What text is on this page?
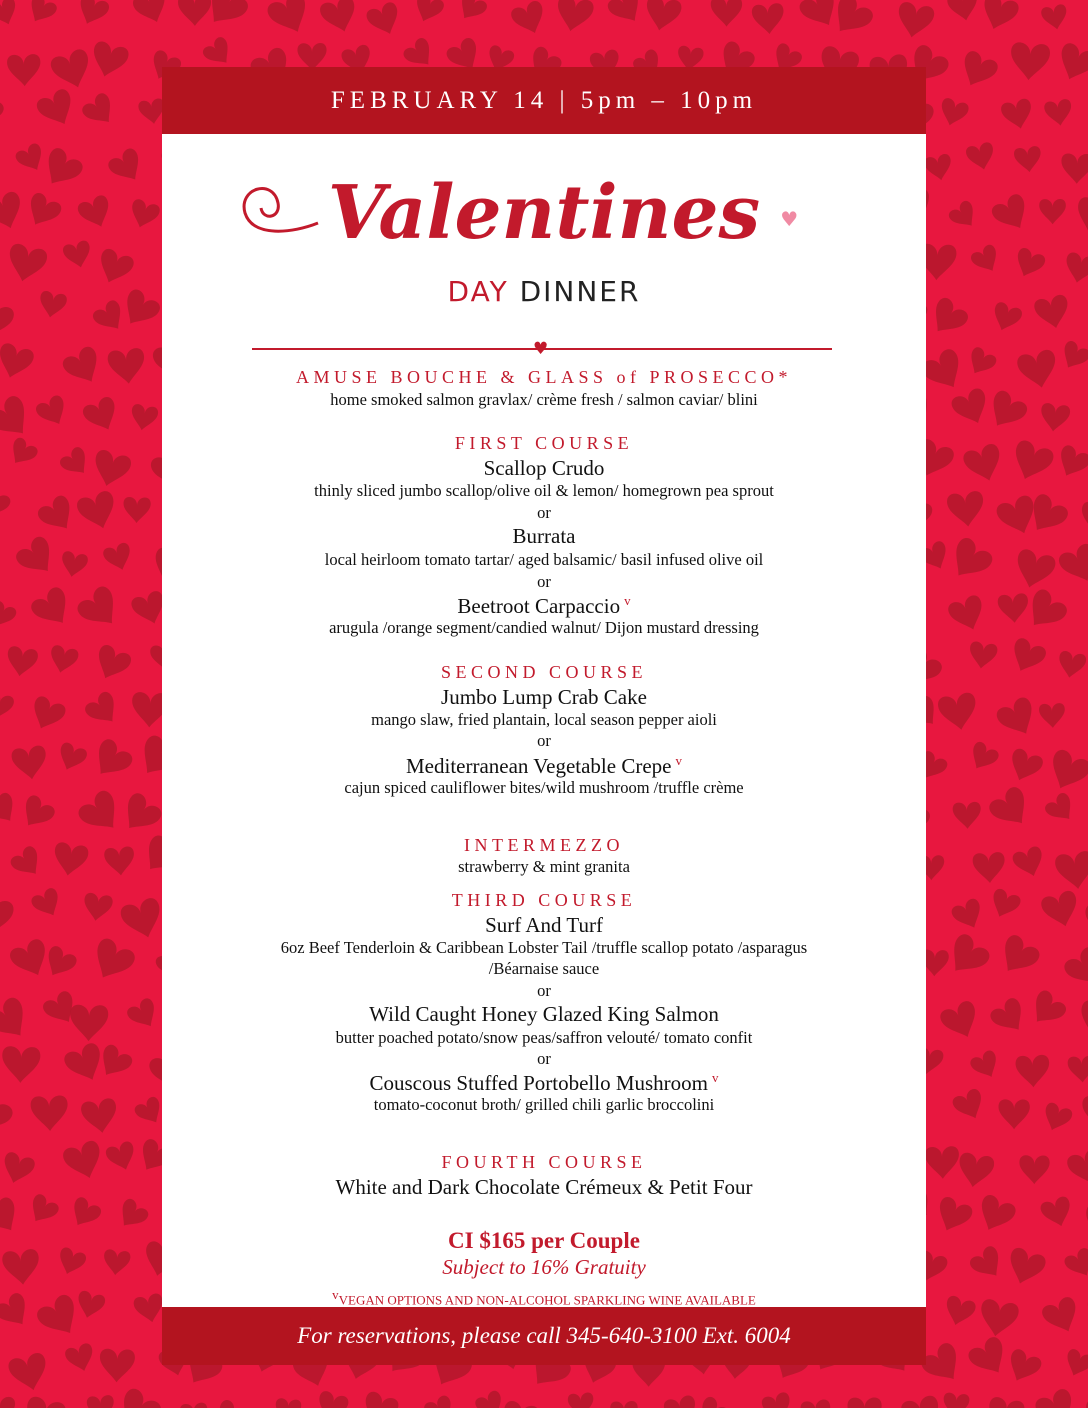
FEBRUARY 14 | 5pm – 10pm
Valentines ♥
DAY DINNER
♥
AMUSE BOUCHE & GLASS of PROSECCO*
home smoked salmon gravlax/ crème fresh / salmon caviar/ blini
FIRST COURSE
Scallop Crudo
thinly sliced jumbo scallop/olive oil & lemon/ homegrown pea sprout
or
Burrata
local heirloom tomato tartar/ aged balsamic/ basil infused olive oil
or
Beetroot Carpaccio $^v$
arugula /orange segment/candied walnut/ Dijon mustard dressing
SECOND COURSE
Jumbo Lump Crab Cake
mango slaw, fried plantain, local season pepper aioli
or
Mediterranean Vegetable Crepe $^v$
cajun spiced cauliflower bites/wild mushroom /truffle crème
INTERMEZZO
strawberry & mint granita
THIRD COURSE
Surf And Turf
6oz Beef Tenderloin & Caribbean Lobster Tail /truffle scallop potato /asparagus
/Béarnaise sauce
or
Wild Caught Honey Glazed King Salmon
butter poached potato/snow peas/saffron velouté/ tomato confit
or
Couscous Stuffed Portobello Mushroom $^v$
tomato-coconut broth/ grilled chili garlic broccolini
FOURTH COURSE
White and Dark Chocolate Crémeux & Petit Four
CI $165 per Couple
Subject to 16% Gratuity
vVEGAN OPTIONS AND NON-ALCOHOL SPARKLING WINE AVAILABLE
For reservations, please call 345-640-3100 Ext. 6004
